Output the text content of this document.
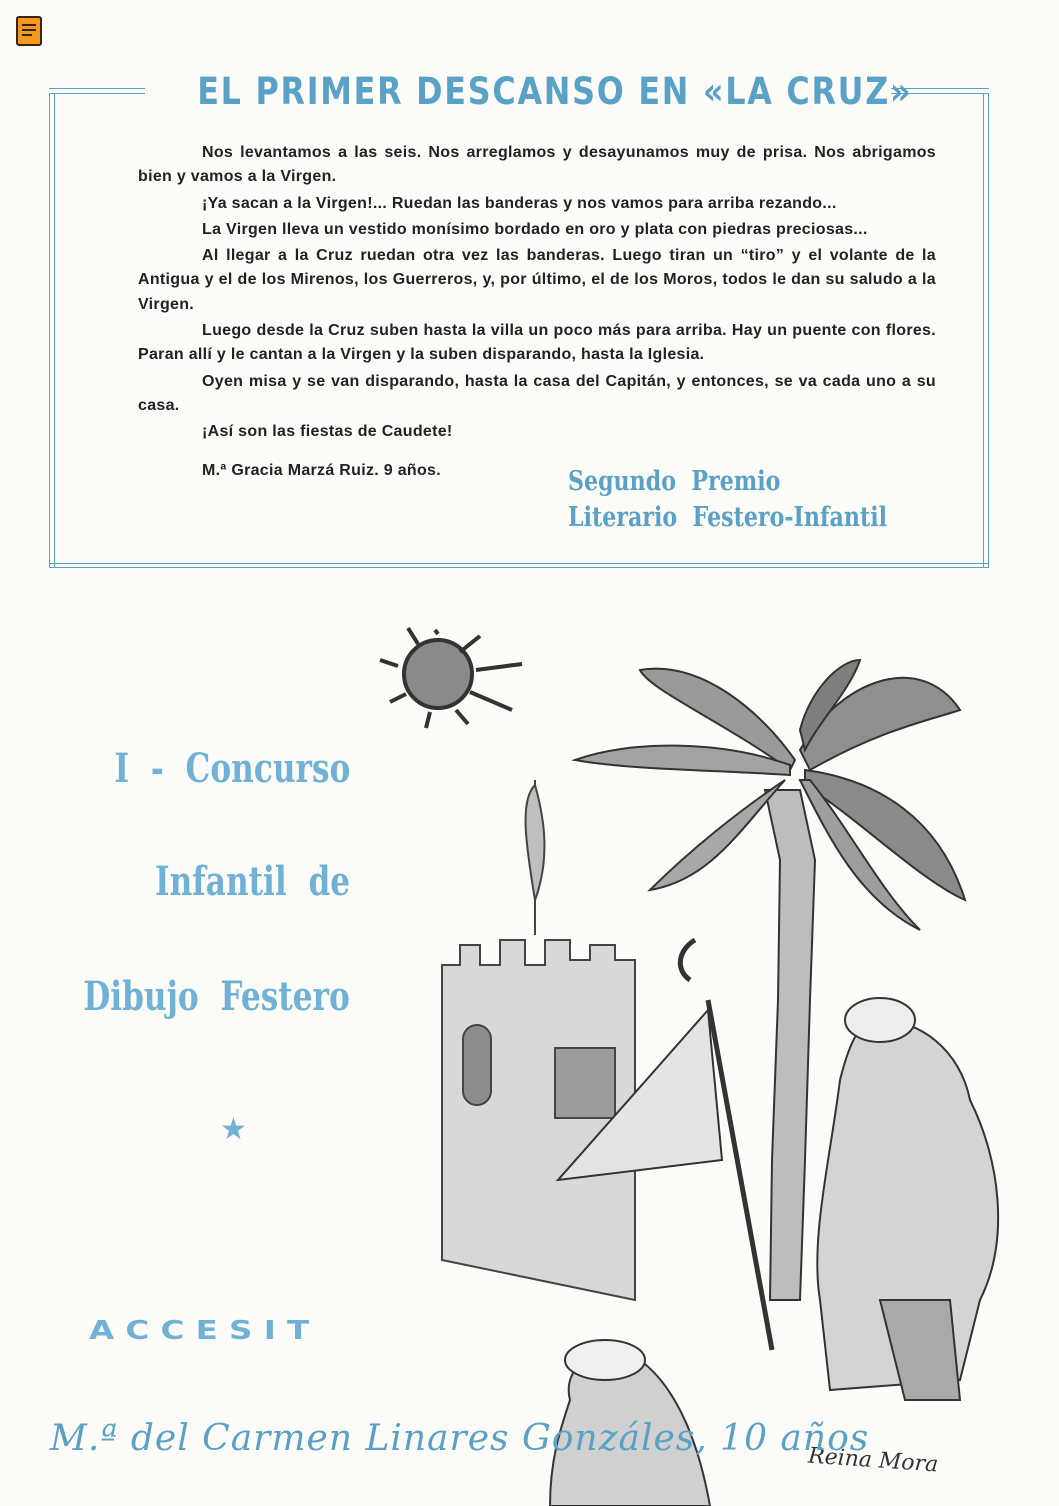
EL PRIMER DESCANSO EN «LA CRUZ»

Nos levantamos a las seis. Nos arreglamos y desayunamos muy de prisa. Nos abrigamos bien y vamos a la Virgen.

¡Ya sacan a la Virgen!... Ruedan las banderas y nos vamos para arriba rezando...

La Virgen lleva un vestido monísimo bordado en oro y plata con piedras preciosas...

Al llegar a la Cruz ruedan otra vez las banderas. Luego tiran un “tiro” y el volante de la Antigua y el de los Mirenos, los Guerreros, y, por último, el de los Moros, todos le dan su saludo a la Virgen.

Luego desde la Cruz suben hasta la villa un poco más para arriba. Hay un puente con flores. Paran allí y le cantan a la Virgen y la suben disparando, hasta la Iglesia.

Oyen misa y se van disparando, hasta la casa del Capitán, y entonces, se va cada uno a su casa.

¡Así son las fiestas de Caudete!

M.ª Gracia Marzá Ruiz. 9 años.	Segundo  Premio
Literario  Festero-Infantil
I  -  Concurso
Infantil  de
Dibujo  Festero
★
ACCESIT
Reina Mora
M.ª del Carmen Linares Gonzáles, 10 años
